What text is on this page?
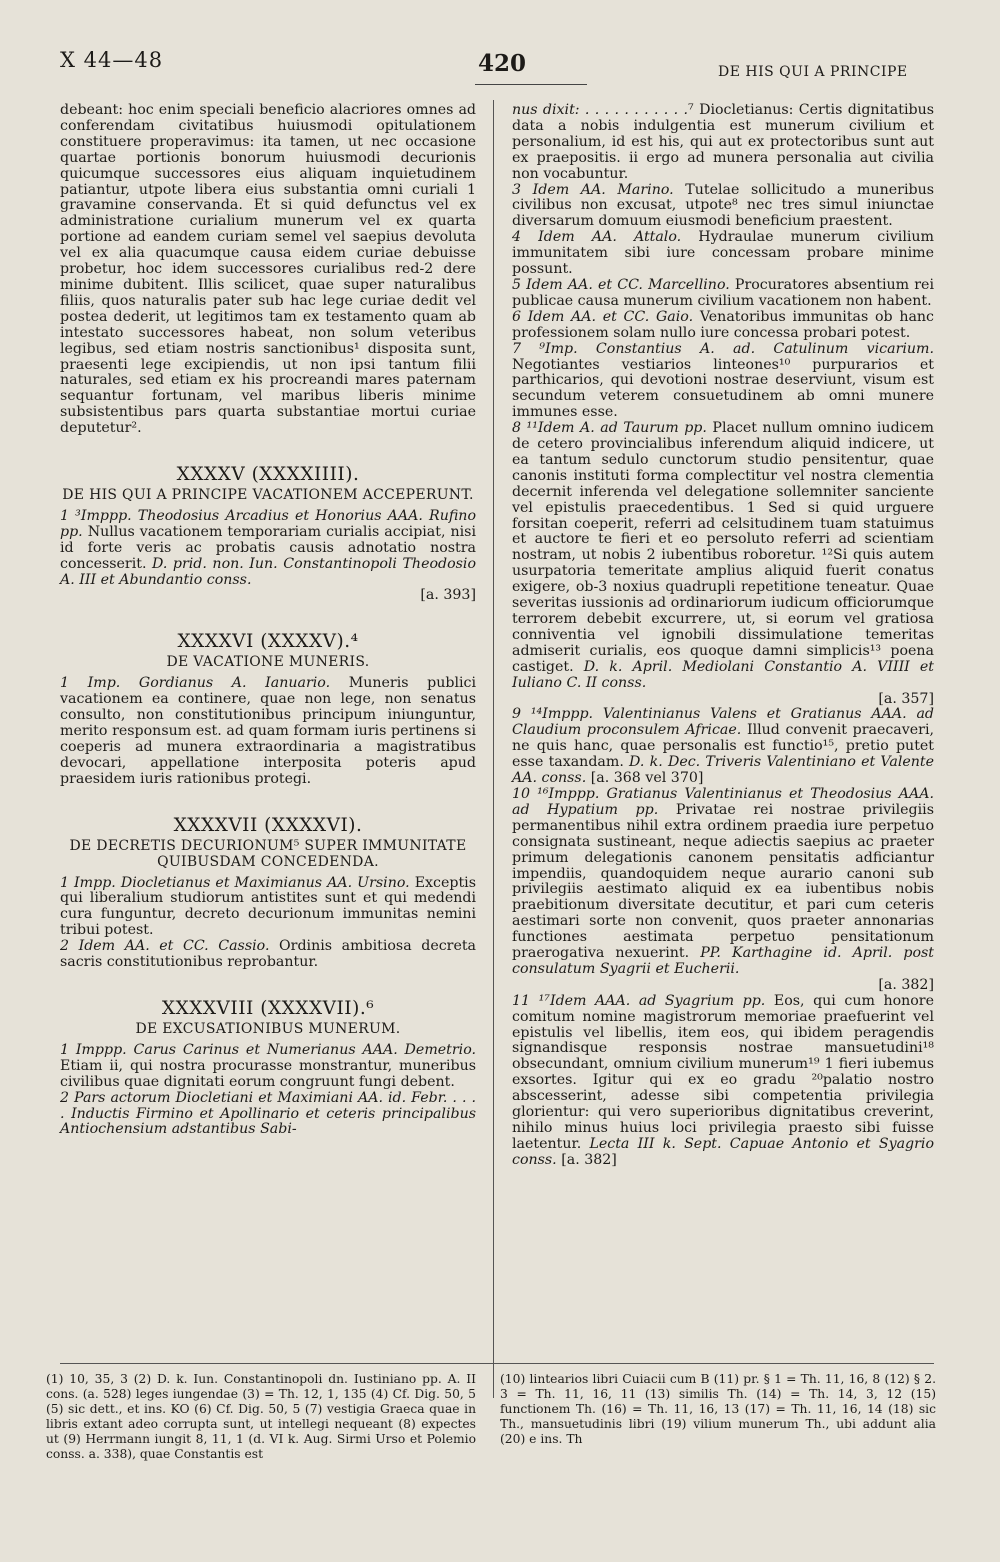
X 44—48	420	DE HIS QUI A PRINCIPE

debeant: hoc enim speciali beneficio alacriores omnes ad conferendam civitatibus huiusmodi opitulationem constituere properavimus: ita tamen, ut nec occasione quartae portionis bonorum huiusmodi decurionis quicumque successores eius aliquam inquietudinem patiantur, utpote libera eius substantia omni curiali 1 gravamine conservanda. Et si quid defunctus vel ex administratione curialium munerum vel ex quarta portione ad eandem curiam semel vel saepius devoluta vel ex alia quacumque causa eidem curiae debuisse probetur, hoc idem successores curialibus red-2 dere minime dubitent. Illis scilicet, quae super naturalibus filiis, quos naturalis pater sub hac lege curiae dedit vel postea dederit, ut legitimos tam ex testamento quam ab intestato successores habeat, non solum veteribus legibus, sed etiam nostris sanctionibus¹ disposita sunt, praesenti lege excipiendis, ut non ipsi tantum filii naturales, sed etiam ex his procreandi mares paternam sequantur fortunam, vel maribus liberis minime subsistentibus pars quarta substantiae mortui curiae deputetur².

XXXXV (XXXXIIII).
DE HIS QUI A PRINCIPE VACATIONEM ACCEPERUNT.

1 ³Imppp. Theodosius Arcadius et Honorius AAA. Rufino pp. Nullus vacationem temporariam curialis accipiat, nisi id forte veris ac probatis causis adnotatio nostra concesserit. D. prid. non. Iun. Constantinopoli Theodosio A. III et Abundantio conss.

[a. 393]

XXXXVI (XXXXV).⁴
DE VACATIONE MUNERIS.

1 Imp. Gordianus A. Ianuario. Muneris publici vacationem ea continere, quae non lege, non senatus consulto, non constitutionibus principum iniunguntur, merito responsum est. ad quam formam iuris pertinens si coeperis ad munera extraordinaria a magistratibus devocari, appellatione interposita poteris apud praesidem iuris rationibus protegi.

XXXXVII (XXXXVI).
DE DECRETIS DECURIONUM⁵ SUPER IMMUNITATE QUIBUSDAM CONCEDENDA.

1 Impp. Diocletianus et Maximianus AA. Ursino. Exceptis qui liberalium studiorum antistites sunt et qui medendi cura funguntur, decreto decurionum immunitas nemini tribui potest.

2 Idem AA. et CC. Cassio. Ordinis ambitiosa decreta sacris constitutionibus reprobantur.

XXXXVIII (XXXXVII).⁶
DE EXCUSATIONIBUS MUNERUM.

1 Imppp. Carus Carinus et Numerianus AAA. Demetrio. Etiam ii, qui nostra procurasse monstrantur, muneribus civilibus quae dignitati eorum congruunt fungi debent.

2 Pars actorum Diocletiani et Maximiani AA. id. Febr. . . . . Inductis Firmino et Apollinario et ceteris principalibus Antiochensium adstantibus Sabi-

nus dixit: . . . . . . . . . . .⁷ Diocletianus: Certis dignitatibus data a nobis indulgentia est munerum civilium et personalium, id est his, qui aut ex protectoribus sunt aut ex praepositis. ii ergo ad munera personalia aut civilia non vocabuntur.

3 Idem AA. Marino. Tutelae sollicitudo a muneribus civilibus non excusat, utpote⁸ nec tres simul iniunctae diversarum domuum eiusmodi beneficium praestent.

4 Idem AA. Attalo. Hydraulae munerum civilium immunitatem sibi iure concessam probare minime possunt.

5 Idem AA. et CC. Marcellino. Procuratores absentium rei publicae causa munerum civilium vacationem non habent.

6 Idem AA. et CC. Gaio. Venatoribus immunitas ob hanc professionem solam nullo iure concessa probari potest.

7 ⁹Imp. Constantius A. ad. Catulinum vicarium. Negotiantes vestiarios linteones¹⁰ purpurarios et parthicarios, qui devotioni nostrae deserviunt, visum est secundum veterem consuetudinem ab omni munere immunes esse.

8 ¹¹Idem A. ad Taurum pp. Placet nullum omnino iudicem de cetero provincialibus inferendum aliquid indicere, ut ea tantum sedulo cunctorum studio pensitentur, quae canonis instituti forma complectitur vel nostra clementia decernit inferenda vel delegatione sollemniter sanciente vel epistulis praecedentibus. 1 Sed si quid urguere forsitan coeperit, referri ad celsitudinem tuam statuimus et auctore te fieri et eo persoluto referri ad scientiam nostram, ut nobis 2 iubentibus roboretur. ¹²Si quis autem usurpatoria temeritate amplius aliquid fuerit conatus exigere, ob-3 noxius quadrupli repetitione teneatur. Quae severitas iussionis ad ordinariorum iudicum officiorumque terrorem debebit excurrere, ut, si eorum vel gratiosa conniventia vel ignobili dissimulatione temeritas admiserit curialis, eos quoque damni simplicis¹³ poena castiget. D. k. April. Mediolani Constantio A. VIIII et Iuliano C. II conss.

[a. 357]

9 ¹⁴Imppp. Valentinianus Valens et Gratianus AAA. ad Claudium proconsulem Africae. Illud convenit praecaveri, ne quis hanc, quae personalis est functio¹⁵, pretio putet esse taxandam. D. k. Dec. Triveris Valentiniano et Valente AA. conss. [a. 368 vel 370]

10 ¹⁶Imppp. Gratianus Valentinianus et Theodosius AAA. ad Hypatium pp. Privatae rei nostrae privilegiis permanentibus nihil extra ordinem praedia iure perpetuo consignata sustineant, neque adiectis saepius ac praeter primum delegationis canonem pensitatis adficiantur impendiis, quandoquidem neque aurario canoni sub privilegiis aestimato aliquid ex ea iubentibus nobis praebitionum diversitate decutitur, et pari cum ceteris aestimari sorte non convenit, quos praeter annonarias functiones aestimata perpetuo pensitationum praerogativa nexuerint. PP. Karthagine id. April. post consulatum Syagrii et Eucherii.

[a. 382]

11 ¹⁷Idem AAA. ad Syagrium pp. Eos, qui cum honore comitum nomine magistrorum memoriae praefuerint vel epistulis vel libellis, item eos, qui ibidem peragendis signandisque responsis nostrae mansuetudini¹⁸ obsecundant, omnium civilium munerum¹⁹ 1 fieri iubemus exsortes. Igitur qui ex eo gradu ²⁰palatio nostro abscesserint, adesse sibi competentia privilegia glorientur: qui vero superioribus dignitatibus creverint, nihilo minus huius loci privilegia praesto sibi fuisse laetentur. Lecta III k. Sept. Capuae Antonio et Syagrio conss. [a. 382]

(1) 10, 35, 3 (2) D. k. Iun. Constantinopoli dn. Iustiniano pp. A. II cons. (a. 528) leges iungendae (3) = Th. 12, 1, 135 (4) Cf. Dig. 50, 5 (5) sic dett., et ins. KO (6) Cf. Dig. 50, 5 (7) vestigia Graeca quae in libris extant adeo corrupta sunt, ut intellegi nequeant (8) expectes ut (9) Herrmann iungit 8, 11, 1 (d. VI k. Aug. Sirmi Urso et Polemio conss. a. 338), quae Constantis est

(10) lintearios libri Cuiacii cum B (11) pr. § 1 = Th. 11, 16, 8 (12) § 2. 3 = Th. 11, 16, 11 (13) similis Th. (14) = Th. 14, 3, 12 (15) functionem Th. (16) = Th. 11, 16, 13 (17) = Th. 11, 16, 14 (18) sic Th., mansuetudinis libri (19) vilium munerum Th., ubi addunt alia (20) e ins. Th
